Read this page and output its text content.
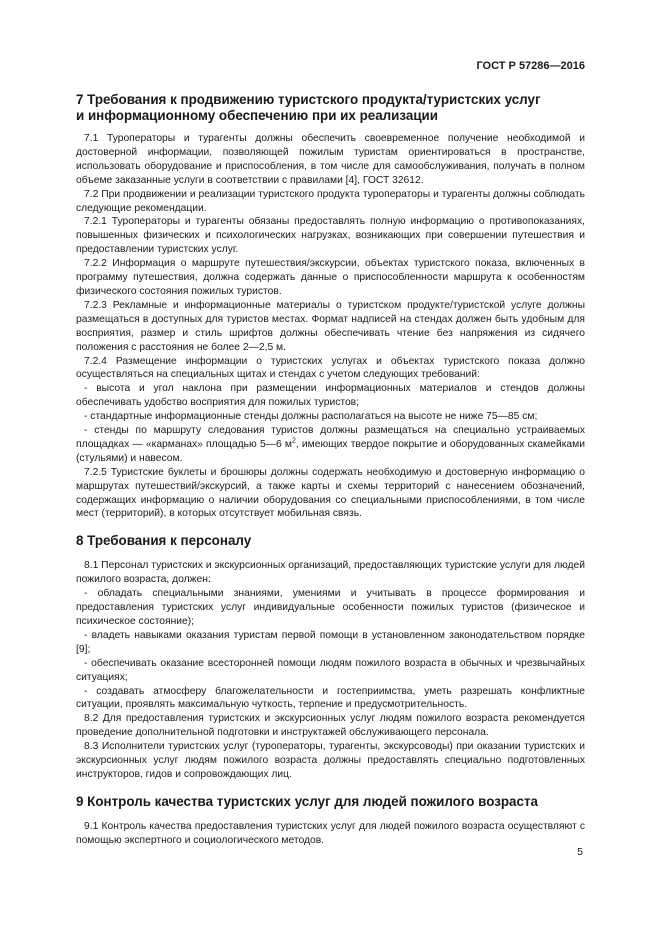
ГОСТ Р 57286—2016
7 Требования к продвижению туристского продукта/туристских услуг
и информационному обеспечению при их реализации

7.1 Туроператоры и турагенты должны обеспечить своевременное получение необходимой и достоверной информации, позволяющей пожилым туристам ориентироваться в пространстве, использовать оборудование и приспособления, в том числе для самообслуживания, получать в полном объеме заказанные услуги в соответствии с правилами [4], ГОСТ 32612.

7.2 При продвижении и реализации туристского продукта туроператоры и турагенты должны соблюдать следующие рекомендации.

7.2.1 Туроператоры и турагенты обязаны предоставлять полную информацию о противопоказаниях, повышенных физических и психологических нагрузках, возникающих при совершении путешествия и предоставлении туристских услуг.

7.2.2 Информация о маршруте путешествия/экскурсии, объектах туристского показа, включенных в программу путешествия, должна содержать данные о приспособленности маршрута к особенностям физического состояния пожилых туристов.

7.2.3 Рекламные и информационные материалы о туристском продукте/туристской услуге должны размещаться в доступных для туристов местах. Формат надписей на стендах должен быть удобным для восприятия, размер и стиль шрифтов должны обеспечивать чтение без напряжения из сидячего положения с расстояния не более 2—2,5 м.

7.2.4 Размещение информации о туристских услугах и объектах туристского показа должно осуществляться на специальных щитах и стендах с учетом следующих требований:

- высота и угол наклона при размещении информационных материалов и стендов должны обеспечивать удобство восприятия для пожилых туристов;

- стандартные информационные стенды должны располагаться на высоте не ниже 75—85 см;

- стенды по маршруту следования туристов должны размещаться на специально устраиваемых площадках — «карманах» площадью 5—6 $м^2$, имеющих твердое покрытие и оборудованных скамейками (стульями) и навесом.

7.2.5 Туристские буклеты и брошюры должны содержать необходимую и достоверную информацию о маршрутах путешествий/экскурсий, а также карты и схемы территорий с нанесением обозначений, содержащих информацию о наличии оборудования со специальными приспособлениями, в том числе мест (территорий), в которых отсутствует мобильная связь.

8 Требования к персоналу

8.1 Персонал туристских и экскурсионных организаций, предоставляющих туристские услуги для людей пожилого возраста, должен:

- обладать специальными знаниями, умениями и учитывать в процессе формирования и предоставления туристских услуг индивидуальные особенности пожилых туристов (физическое и психическое состояние);

- владеть навыками оказания туристам первой помощи в установленном законодательством порядке [9];

- обеспечивать оказание всесторонней помощи людям пожилого возраста в обычных и чрезвычайных ситуациях;

- создавать атмосферу благожелательности и гостеприимства, уметь разрешать конфликтные ситуации, проявлять максимальную чуткость, терпение и предусмотрительность.

8.2 Для предоставления туристских и экскурсионных услуг людям пожилого возраста рекомендуется проведение дополнительной подготовки и инструктажей обслуживающего персонала.

8.3 Исполнители туристских услуг (туроператоры, турагенты, экскурсоводы) при оказании туристских и экскурсионных услуг людям пожилого возраста должны предоставлять специально подготовленных инструкторов, гидов и сопровождающих лиц.

9 Контроль качества туристских услуг для людей пожилого возраста

9.1 Контроль качества предоставления туристских услуг для людей пожилого возраста осуществляют с помощью экспертного и социологического методов.

5
